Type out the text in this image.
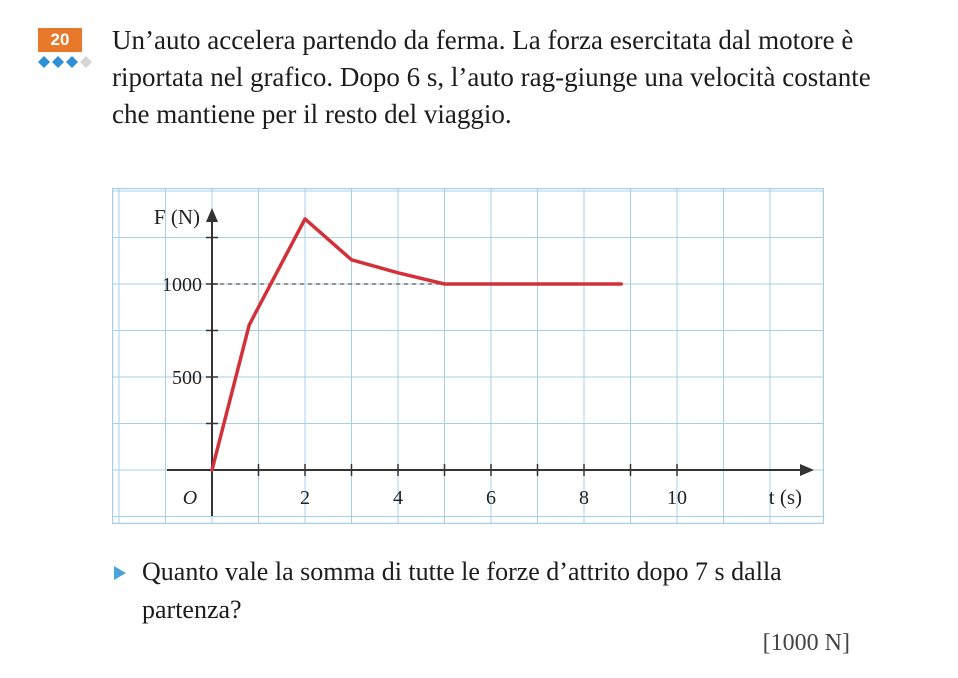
20	Un’auto accelera partendo da ferma. La forza esercitata dal motore è riportata nel grafico. Dopo 6 s, l’auto rag-giunge una velocità costante che mantiene per il resto del viaggio.

2	4	6	8	10
500
1000
O
F (N)
t (s)
Quanto vale la somma di tutte le forze d’attrito dopo 7 s dalla partenza?
[1000 N]
